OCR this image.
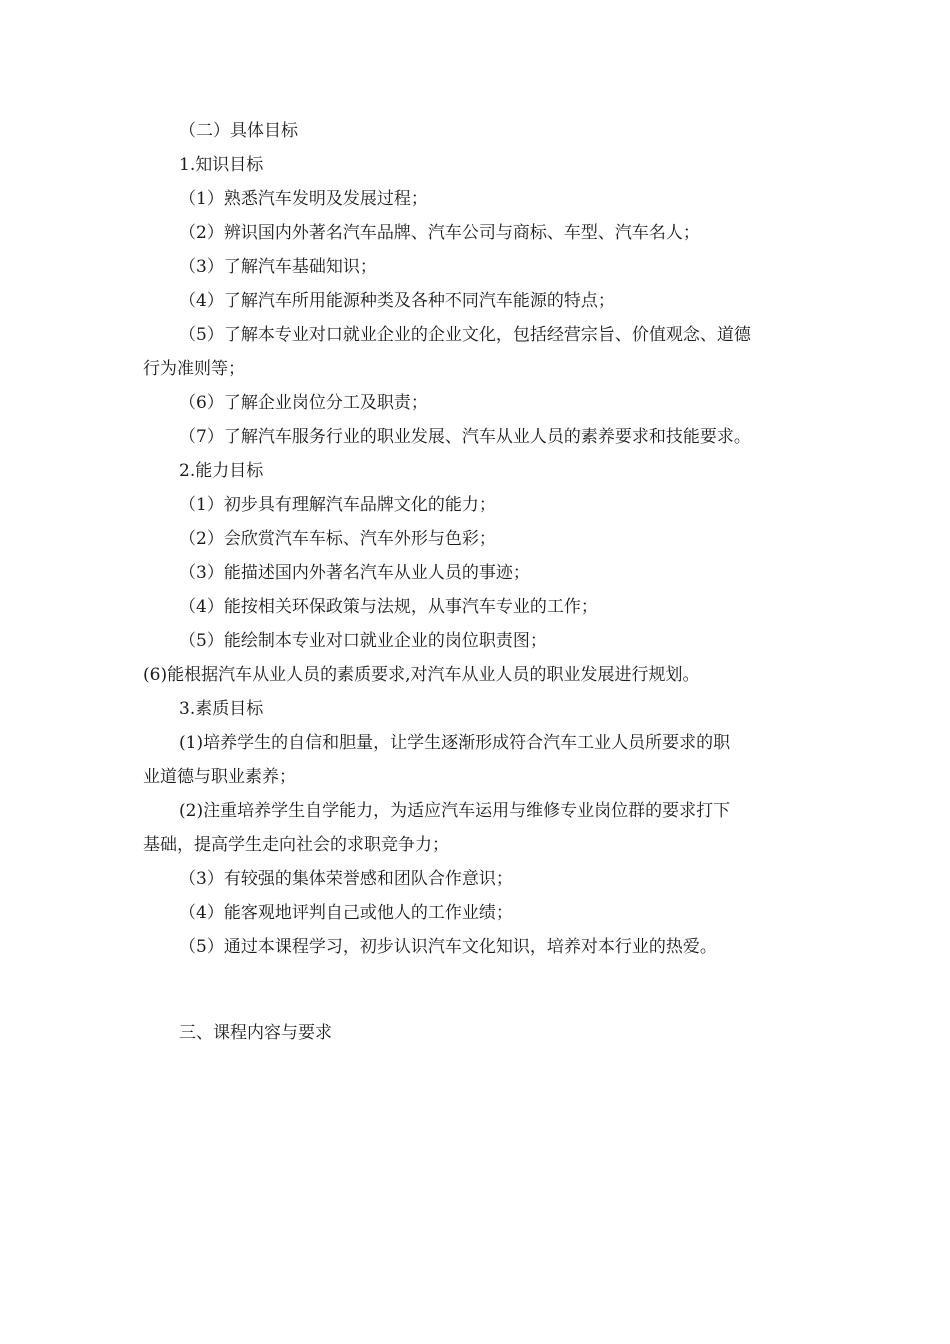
（二）具体目标

1.知识目标

（1）熟悉汽车发明及发展过程；

（2）辨识国内外著名汽车品牌、汽车公司与商标、车型、汽车名人；

（3）了解汽车基础知识；

（4）了解汽车所用能源种类及各种不同汽车能源的特点；

（5）了解本专业对口就业企业的企业文化，包括经营宗旨、价值观念、道德

行为准则等；

（6）了解企业岗位分工及职责；

（7）了解汽车服务行业的职业发展、汽车从业人员的素养要求和技能要求。

2.能力目标

（1）初步具有理解汽车品牌文化的能力；

（2）会欣赏汽车车标、汽车外形与色彩；

（3）能描述国内外著名汽车从业人员的事迹；

（4）能按相关环保政策与法规，从事汽车专业的工作；

（5）能绘制本专业对口就业企业的岗位职责图；

(6)能根据汽车从业人员的素质要求,对汽车从业人员的职业发展进行规划。

3.素质目标

(1)培养学生的自信和胆量，让学生逐渐形成符合汽车工业人员所要求的职

业道德与职业素养；

(2)注重培养学生自学能力，为适应汽车运用与维修专业岗位群的要求打下

基础，提高学生走向社会的求职竞争力；

（3）有较强的集体荣誉感和团队合作意识；

（4）能客观地评判自己或他人的工作业绩；

（5）通过本课程学习，初步认识汽车文化知识，培养对本行业的热爱。

三、课程内容与要求
